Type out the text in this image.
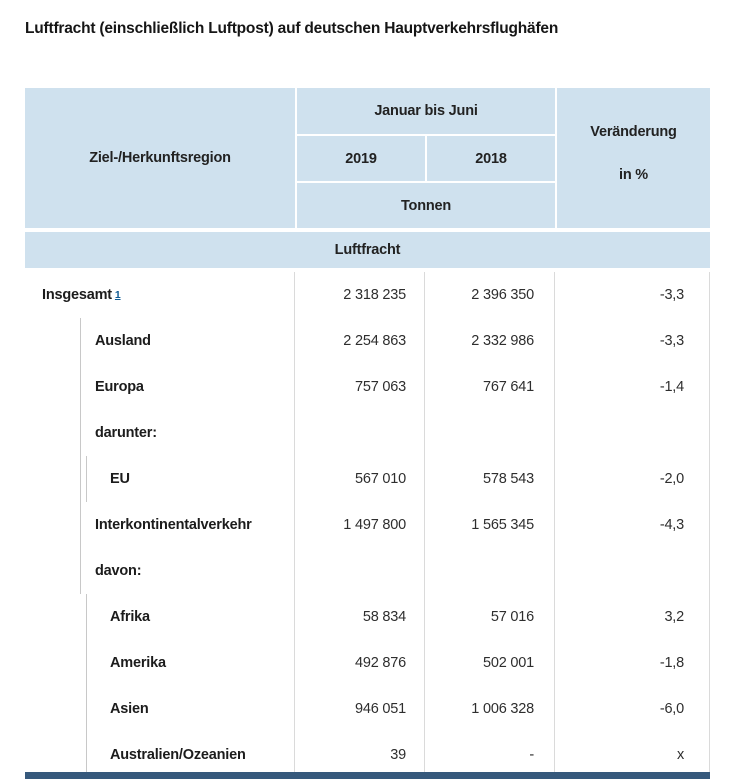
Luftfracht (einschließlich Luftpost) auf deutschen Hauptverkehrsflughäfen
Ziel-/Herkunftsregion
Januar bis Juni
Veränderung
in %
2019	2018
Tonnen
Luftfracht
Insgesamt 1	2 318 235	2 396 350	-3,3
Ausland	2 254 863	2 332 986	-3,3
Europa	757 063	767 641	-1,4
darunter:
EU	567 010	578 543	-2,0
Interkontinentalverkehr	1 497 800	1 565 345	-4,3
davon:
Afrika	58 834	57 016	3,2
Amerika	492 876	502 001	-1,8
Asien	946 051	1 006 328	-6,0
Australien/Ozeanien	39	-	x
